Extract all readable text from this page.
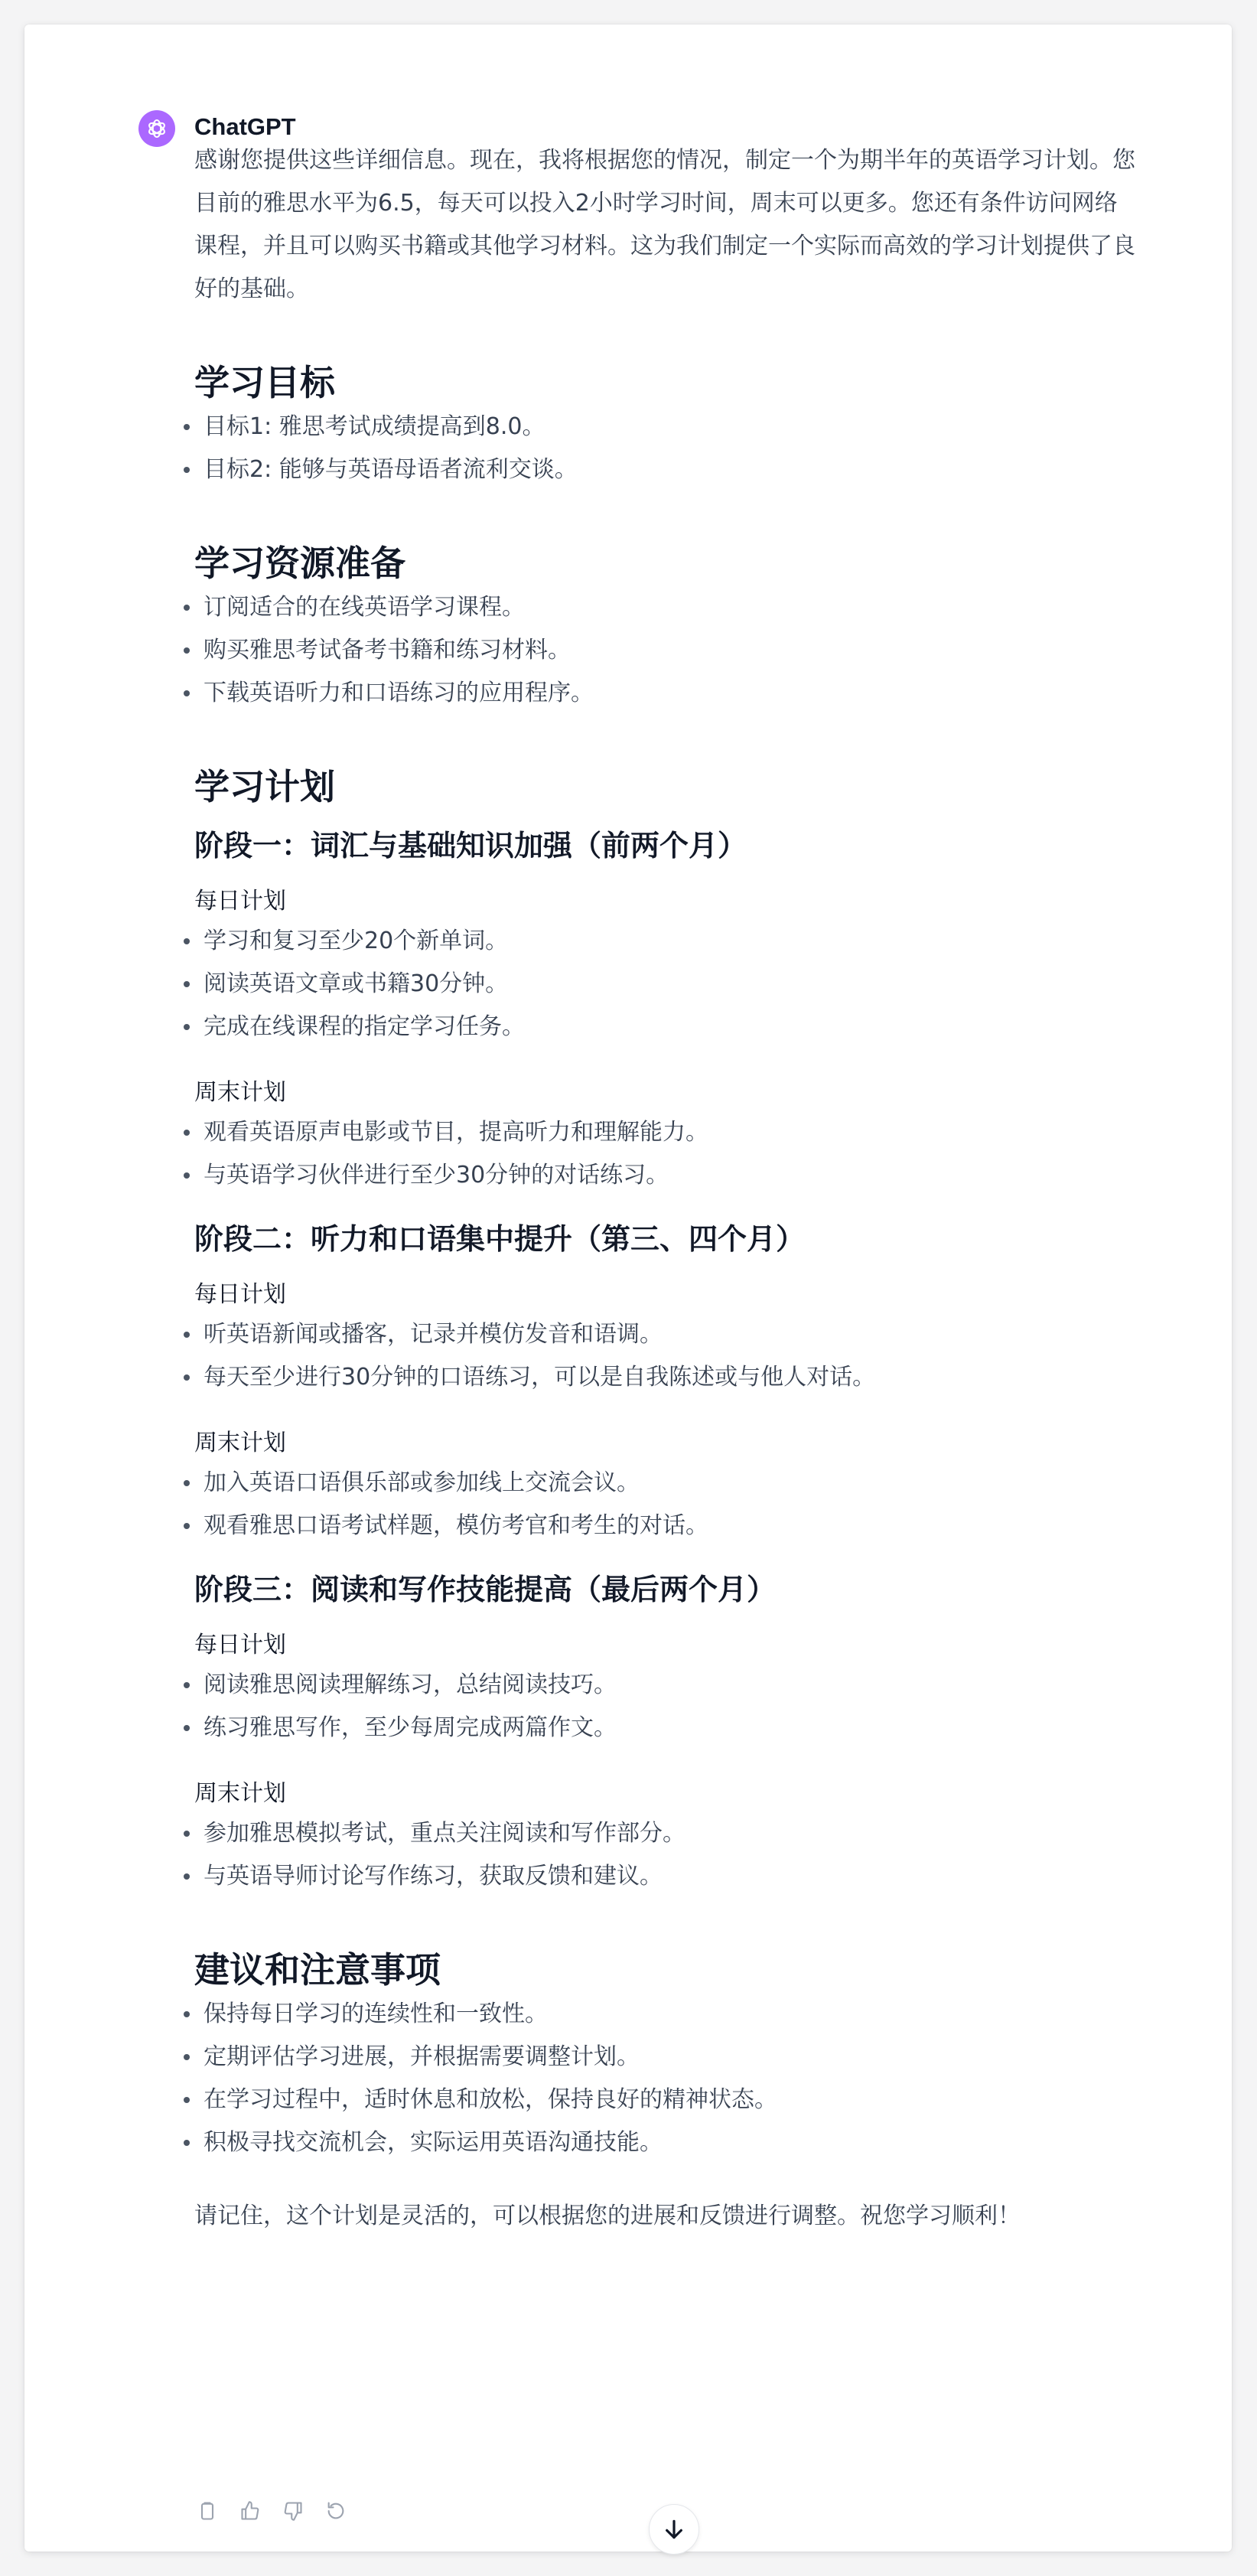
ChatGPT

感谢您提供这些详细信息。现在，我将根据您的情况，制定一个为期半年的英语学习计划。您目前的雅思水平为6.5，每天可以投入2小时学习时间，周末可以更多。您还有条件访问网络课程，并且可以购买书籍或其他学习材料。这为我们制定一个实际而高效的学习计划提供了良好的基础。

学习目标
目标1: 雅思考试成绩提高到8.0。
目标2: 能够与英语母语者流利交谈。
学习资源准备
订阅适合的在线英语学习课程。
购买雅思考试备考书籍和练习材料。
下载英语听力和口语练习的应用程序。
学习计划
阶段一：词汇与基础知识加强（前两个月）
每日计划
学习和复习至少20个新单词。
阅读英语文章或书籍30分钟。
完成在线课程的指定学习任务。
周末计划
观看英语原声电影或节目，提高听力和理解能力。
与英语学习伙伴进行至少30分钟的对话练习。
阶段二：听力和口语集中提升（第三、四个月）
每日计划
听英语新闻或播客，记录并模仿发音和语调。
每天至少进行30分钟的口语练习，可以是自我陈述或与他人对话。
周末计划
加入英语口语俱乐部或参加线上交流会议。
观看雅思口语考试样题，模仿考官和考生的对话。
阶段三：阅读和写作技能提高（最后两个月）
每日计划
阅读雅思阅读理解练习，总结阅读技巧。
练习雅思写作，至少每周完成两篇作文。
周末计划
参加雅思模拟考试，重点关注阅读和写作部分。
与英语导师讨论写作练习，获取反馈和建议。
建议和注意事项
保持每日学习的连续性和一致性。
定期评估学习进展，并根据需要调整计划。
在学习过程中，适时休息和放松，保持良好的精神状态。
积极寻找交流机会，实际运用英语沟通技能。

请记住，这个计划是灵活的，可以根据您的进展和反馈进行调整。祝您学习顺利！
